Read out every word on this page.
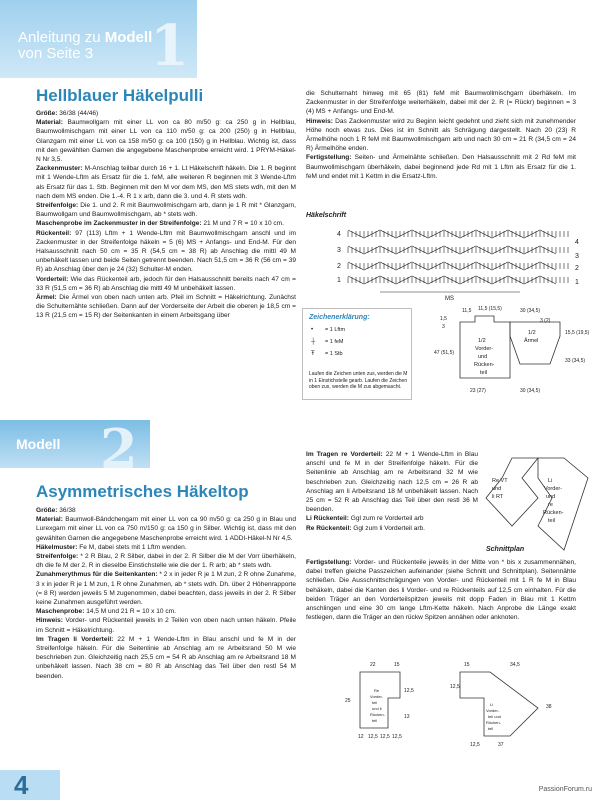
Anleitung zu Modell
von Seite 3	1
Hellblauer Häkelpulli

Größe: 36/38 (44/46)

Material: Baumwollgarn mit einer LL von ca 80 m/50 g: ca 250 g in Hellblau, Baumwollmischgarn mit einer LL von ca 110 m/50 g: ca 200 (250) g in Hellblau, Glanzgarn mit einer LL von ca 158 m/50 g: ca 100 (150) g in Hellblau. Wichtig ist, dass mit den gewählten Garnen die angegebene Maschenprobe erreicht wird. 1 PRYM-Häkel-N Nr 3,5.

Zackenmuster: M-Anschlag teilbar durch 16 + 1. Lt Häkelschrift häkeln. Die 1. R beginnt mit 1 Wende-Lftm als Ersatz für die 1. feM, alle weiteren R beginnen mit 3 Wende-Lftm als Ersatz für das 1. Stb. Beginnen mit den M vor dem MS, den MS stets wdh, mit den M nach dem MS enden. Die 1.-4. R 1 x arb, dann die 3. und 4. R stets wdh.

Streifenfolge: Die 1. und 2. R mit Baumwollmischgarn arb, dann je 1 R mit * Glanzgarn, Baumwollgarn und Baumwollmischgarn, ab * stets wdh.

Maschenprobe im Zackenmuster in der Streifenfolge: 21 M und 7 R = 10 x 10 cm.

Rückenteil: 97 (113) Lftm + 1 Wende-Lftm mit Baumwollmischgarn anschl und im Zackenmuster in der Streifenfolge häkeln = 5 (6) MS + Anfangs- und End-M. Für den Halsausschnitt nach 50 cm = 35 R (54,5 cm = 38 R) ab Anschlag die mittl 49 M unbehäkelt lassen und beide Seiten getrennt beenden. Nach 51,5 cm = 36 R (56 cm = 39 R) ab Anschlag über den je 24 (32) Schulter-M enden.

Vorderteil: Wie das Rückenteil arb, jedoch für den Halsausschnitt bereits nach 47 cm = 33 R (51,5 cm = 36 R) ab Anschlag die mittl 49 M unbehäkelt lassen.

Ärmel: Die Ärmel von oben nach unten arb. Pfeil im Schnitt = Häkelrichtung. Zunächst die Schulternähte schließen. Dann auf der Vorderseite der Arbeit die oberen je 18,5 cm = 13 R (21,5 cm = 15 R) der Seitenkanten in einem Arbeitsgang über

die Schulternaht hinweg mit 65 (81) feM mit Baumwollmischgarn überhäkeln. Im Zackenmuster in der Streifenfolge weiterhäkeln, dabei mit der 2. R (= Rückr) beginnen = 3 (4) MS + Anfangs- und End-M.

Hinweis: Das Zackenmuster wird zu Beginn leicht gedehnt und zieht sich mit zunehmender Höhe noch etwas zus. Dies ist im Schnitt als Schrägung dargestellt. Nach 20 (23) R Ärmelhöhe noch 1 R feM mit Baumwollmischgarn arb und nach 30 cm = 21 R (34,5 cm = 24 R) Ärmelhöhe enden.

Fertigstellung: Seiten- und Ärmelnähte schließen. Den Halsausschnitt mit 2 Rd feM mit Baumwollmischgarn überhäkeln, dabei beginnend jede Rd mit 1 Lftm als Ersatz für die 1. feM und endet mit 1 Kettm in die Ersatz-Lftm.

Häkelschrift
4
3
2
1
4
3
2
1
MS
Zeichenerklärung:
• = 1 Lftm
┼ = 1 feM
Ŧ = 1 Stb
Laufen die Zeichen unten zus, werden die M in 1 Einstichstelle gearb. Laufen die Zeichen oben zus, werden die M zus abgemascht.
1/2
Vorder-
und
Rücken-
teil
1/2
Ärmel
11,5 11,5 (15,5)	30 (34,5)
1,5
3
47 (51,5)
15,5 (19,5)
33 (34,5)
23 (27)	30 (34,5)
3 (2)
Modell 2
Asymmetrisches Häkeltop

Größe: 36/38

Material: Baumwoll-Bändchengarn mit einer LL von ca 90 m/50 g: ca 250 g in Blau und Lurexgarn mit einer LL von ca 750 m/150 g: ca 150 g in Silber. Wichtig ist, dass mit den gewählten Garnen die angegebene Maschenprobe erreicht wird. 1 ADDI-Häkel-N Nr 4,5.

Häkelmuster: Fe M, dabei stets mit 1 Lftm wenden.

Streifenfolge: * 2 R Blau, 2 R Silber, dabei in der 2. R Silber die M der Vorr überhäkeln, dh die fe M der 2. R in dieselbe Einstichstelle wie die der 1. R arb; ab * stets wdh.

Zunahmerythmus für die Seitenkanten: * 2 x in jeder R je 1 M zun, 2 R ohne Zunahme, 3 x in jeder R je 1 M zun, 1 R ohne Zunahmen, ab * stets wdh. Dh. über 2 Höhenrapporte (= 8 R) werden jeweils 5 M zugenommen, dabei beachten, dass jeweils in der 2. R Silber keine Zunahmen ausgeführt werden.

Maschenprobe: 14,5 M und 21 R = 10 x 10 cm.

Hinweis: Vorder- und Rückenteil jeweils in 2 Teilen von oben nach unten häkeln. Pfeile im Schnitt = Häkelrichtung.

Im Tragen li Vorderteil: 22 M + 1 Wende-Lftm in Blau anschl und fe M in der Streifenfolge häkeln. Für die Seitenlinie ab Anschlag am re Arbeitsrand 50 M wie beschrieben zun. Gleichzeitig nach 25,5 cm = 54 R ab Anschlag am re Arbeitsrand 18 M unbehäkelt lassen. Nach 38 cm = 80 R ab Anschlag das Teil über den restl 54 M beenden.

Im Tragen re Vorderteil: 22 M + 1 Wende-Lftm in Blau anschl und fe M in der Streifenfolge häkeln. Für die Seitenlinie ab Anschlag am re Arbeitsrand 32 M wie beschrieben zun. Gleichzeitig nach 12,5 cm = 26 R ab Anschlag am li Arbeitsrand 18 M unbehäkelt lassen. Nach 25 cm = 52 R ab Anschlag das Teil über den restl 36 M beenden.

Li Rückenteil: Ggl zum re Vorderteil arb

Re Rückenteil: Ggl zum li Vorderteil arb.

Fertigstellung: Vorder- und Rückenteile jeweils in der Mitte von * bis x zusammennähen, dabei treffen gleiche Passzeichen aufeinander (siehe Schnitt und Schnittplan). Seitennähte schließen. Die Ausschnittschrägungen von Vorder- und Rückenteil mit 1 R fe M in Blau behäkeln, dabei die Kanten des li Vorder- und re Rückenteils auf 12,5 cm einhalten. Für die beiden Träger an den Vorderteilspitzen jeweils mit dopp Faden in Blau mit 1 Kettm anschlingen und eine 30 cm lange Lftm-Kette häkeln. Nach Anprobe die Länge exakt festlegen, dann die Träger an den rückw Spitzen annähen oder anknoten.

Re VT
und
li RT
Li
Vorder-
und
re
Rücken-
teil
Schnittplan
Re
Vorder-
teil
und li
Rücken-
teil
22	15
25
12,5
13
12 12,5 12,5 12,5
Li
Vorder-
teil und
Rücken-
teil
15	34,5
38
12,5
12,5	37
4	PassionForum.ru
